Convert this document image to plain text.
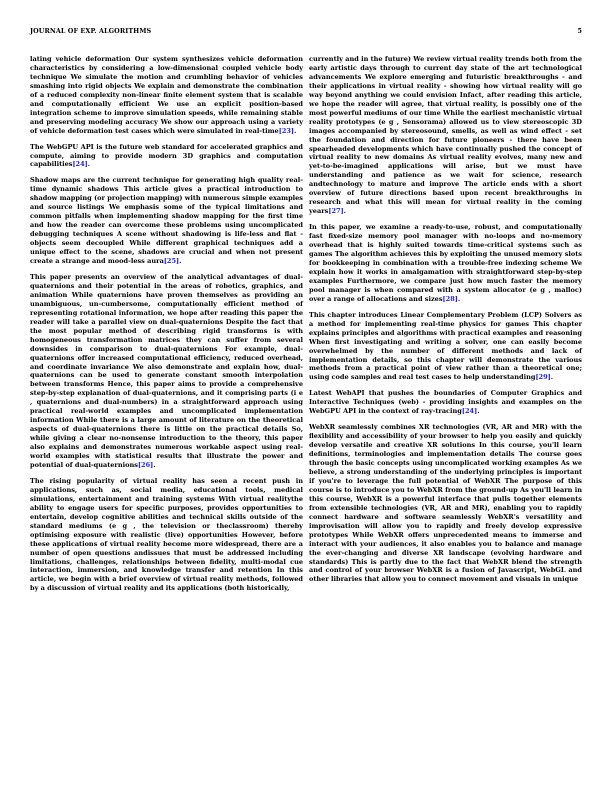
JOURNAL OF EXP. ALGORITHMS	5

lating vehicle deformation Our system synthesizes vehicle deformation characteristics by considering a low-dimensional coupled vehicle body technique We simulate the motion and crumbling behavior of vehicles smashing into rigid objects We explain and demonstrate the combination of a reduced complexity non-linear finite element system that is scalable and computationally efficient We use an explicit position-based integration scheme to improve simulation speeds, while remaining stable and preserving modeling accuracy We show our approach using a variety of vehicle deformation test cases which were simulated in real-time[23].

The WebGPU API is the future web standard for accelerated graphics and compute, aiming to provide modern 3D graphics and computation capabilities[24].

Shadow maps are the current technique for generating high quality real-time dynamic shadows This article gives a practical introduction to shadow mapping (or projection mapping) with numerous simple examples and source listings We emphasis some of the typical limitations and common pitfalls when implementing shadow mapping for the first time and how the reader can overcome these problems using uncomplicated debugging techniques A scene without shadowing is life-less and flat - objects seem decoupled While different graphical techniques add a unique effect to the scene, shadows are crucial and when not present create a strange and mood-less aura[25].

This paper presents an overview of the analytical advantages of dual-quaternions and their potential in the areas of robotics, graphics, and animation While quaternions have proven themselves as providing an unambiguous, un-cumbersome, computationally efficient method of representing rotational information, we hope after reading this paper the reader will take a parallel view on dual-quaternions Despite the fact that the most popular method of describing rigid transforms is with homogeneous transformation matrices they can suffer from several downsides in comparison to dual-quaternions For example, dual-quaternions offer increased computational efficiency, reduced overhead, and coordinate invariance We also demonstrate and explain how, dual-quaternions can be used to generate constant smooth interpolation between transforms Hence, this paper aims to provide a comprehensive step-by-step explanation of dual-quaternions, and it comprising parts (i e , quaternions and dual-numbers) in a straightforward approach using practical real-world examples and uncomplicated implementation information While there is a large amount of literature on the theoretical aspects of dual-quaternions there is little on the practical details So, while giving a clear no-nonsense introduction to the theory, this paper also explains and demonstrates numerous workable aspect using real-world examples with statistical results that illustrate the power and potential of dual-quaternions[26].

The rising popularity of virtual reality has seen a recent push in applications, such as, social media, educational tools, medical simulations, entertainment and training systems With virtual realitythe ability to engage users for specific purposes, provides opportunities to entertain, develop cognitive abilities and technical skills outside of the standard mediums (e g , the television or theclassroom) thereby optimising exposure with realistic (live) opportunities However, before these applications of virtual reality become more widespread, there are a number of open questions andissues that must be addressed including limitations, challenges, relationships between fidelity, multi-modal cue interaction, immersion, and knowledge transfer and retention In this article, we begin with a brief overview of virtual reality methods, followed by a discussion of virtual reality and its applications (both historically,

currently and in the future) We review virtual reality trends both from the early artistic days through to current day state of the art technological advancements We explore emerging and futuristic breakthroughs - and their applications in virtual reality - showing how virtual reality will go way beyond anything we could envision Infact, after reading this article, we hope the reader will agree, that virtual reality, is possibly one of the most powerful mediums of our time While the earliest mechanistic virtual reality prototypes (e g , Sensorama) allowed us to view stereoscopic 3D images accompanied by stereosound, smells, as well as wind effect - set the foundation and direction for future pioneers - there have been spearheaded developments which have continually pushed the concept of virtual reality to new domains As virtual reality evolves, many new and yet-to-be-imagined applications will arise, but we must have understanding and patience as we wait for science, research andtechnology to mature and improve The article ends with a short overview of future directions based upon recent breakthroughs in research and what this will mean for virtual reality in the coming years[27].

In this paper, we examine a ready-to-use, robust, and computationally fast fixed-size memory pool manager with no-loops and no-memory overhead that is highly suited towards time-critical systems such as games The algorithm achieves this by exploiting the unused memory slots for bookkeeping in combination with a trouble-free indexing scheme We explain how it works in amalgamation with straightforward step-by-step examples Furthermore, we compare just how much faster the memory pool manager is when compared with a system allocator (e g , malloc) over a range of allocations and sizes[28].

This chapter introduces Linear Complementary Problem (LCP) Solvers as a method for implementing real-time physics for games This chapter explains principles and algorithms with practical examples and reasoning When first investigating and writing a solver, one can easily become overwhelmed by the number of different methods and lack of implementation details, so this chapter will demonstrate the various methods from a practical point of view rather than a theoretical one; using code samples and real test cases to help understanding[29].

Latest WebAPI that pushes the boundaries of Computer Graphics and Interactive Techniques (web) - providing insights and examples on the WebGPU API in the context of ray-tracing[24].

WebXR seamlessly combines XR technologies (VR, AR and MR) with the flexibility and accessibility of your browser to help you easily and quickly develop versatile and creative XR solutions In this course, you'll learn definitions, terminologies and implementation details The course goes through the basic concepts using uncomplicated working examples As we believe, a strong understanding of the underlying principles is important if you're to leverage the full potential of WebXR The purpose of this course is to introduce you to WebXR from the ground-up As you'll learn in this course, WebXR is a powerful interface that pulls together elements from extensible technologies (VR, AR and MR), enabling you to rapidly connect hardware and software seamlessly WebXR's versatility and improvisation will allow you to rapidly and freely develop expressive prototypes While WebXR offers unprecedented means to immerse and interact with your audiences, it also enables you to balance and manage the ever-changing and diverse XR landscape (evolving hardware and standards) This is partly due to the fact that WebXR blend the strength and control of your browser WebXR is a fusion of Javascript, WebGL and other libraries that allow you to connect movement and visuals in unique
